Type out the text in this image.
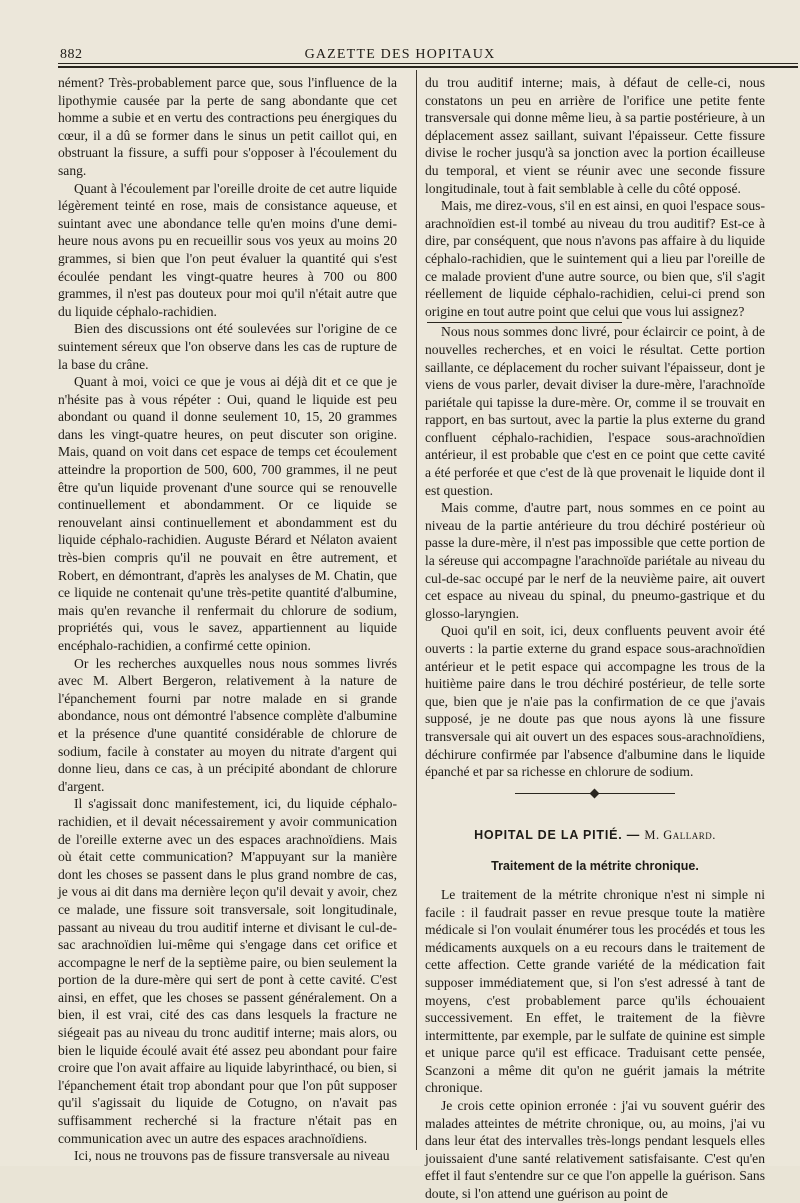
882	GAZETTE DES HOPITAUX

nément? Très-probablement parce que, sous l'influence de la lipothymie causée par la perte de sang abondante que cet homme a subie et en vertu des contractions peu énergiques du cœur, il a dû se former dans le sinus un petit caillot qui, en obstruant la fissure, a suffi pour s'opposer à l'écoulement du sang.

Quant à l'écoulement par l'oreille droite de cet autre liquide légèrement teinté en rose, mais de consistance aqueuse, et suintant avec une abondance telle qu'en moins d'une demi-heure nous avons pu en recueillir sous vos yeux au moins 20 grammes, si bien que l'on peut évaluer la quantité qui s'est écoulée pendant les vingt-quatre heures à 700 ou 800 grammes, il n'est pas douteux pour moi qu'il n'était autre que du liquide céphalo-rachidien.

Bien des discussions ont été soulevées sur l'origine de ce suintement séreux que l'on observe dans les cas de rupture de la base du crâne.

Quant à moi, voici ce que je vous ai déjà dit et ce que je n'hésite pas à vous répéter : Oui, quand le liquide est peu abondant ou quand il donne seulement 10, 15, 20 grammes dans les vingt-quatre heures, on peut discuter son origine. Mais, quand on voit dans cet espace de temps cet écoulement atteindre la proportion de 500, 600, 700 grammes, il ne peut être qu'un liquide provenant d'une source qui se renouvelle continuellement et abondamment. Or ce liquide se renouvelant ainsi continuellement et abondamment est du liquide céphalo-rachidien. Auguste Bérard et Nélaton avaient très-bien compris qu'il ne pouvait en être autrement, et Robert, en démontrant, d'après les analyses de M. Chatin, que ce liquide ne contenait qu'une très-petite quantité d'albumine, mais qu'en revanche il renfermait du chlorure de sodium, propriétés qui, vous le savez, appartiennent au liquide encéphalo-rachidien, a confirmé cette opinion.

Or les recherches auxquelles nous nous sommes livrés avec M. Albert Bergeron, relativement à la nature de l'épanchement fourni par notre malade en si grande abondance, nous ont démontré l'absence complète d'albumine et la présence d'une quantité considérable de chlorure de sodium, facile à constater au moyen du nitrate d'argent qui donne lieu, dans ce cas, à un précipité abondant de chlorure d'argent.

Il s'agissait donc manifestement, ici, du liquide céphalo-rachidien, et il devait nécessairement y avoir communication de l'oreille externe avec un des espaces arachnoïdiens. Mais où était cette communication? M'appuyant sur la manière dont les choses se passent dans le plus grand nombre de cas, je vous ai dit dans ma dernière leçon qu'il devait y avoir, chez ce malade, une fissure soit transversale, soit longitudinale, passant au niveau du trou auditif interne et divisant le cul-de-sac arachnoïdien lui-même qui s'engage dans cet orifice et accompagne le nerf de la septième paire, ou bien seulement la portion de la dure-mère qui sert de pont à cette cavité. C'est ainsi, en effet, que les choses se passent généralement. On a bien, il est vrai, cité des cas dans lesquels la fracture ne siégeait pas au niveau du tronc auditif interne; mais alors, ou bien le liquide écoulé avait été assez peu abondant pour faire croire que l'on avait affaire au liquide labyrinthacé, ou bien, si l'épanchement était trop abondant pour que l'on pût supposer qu'il s'agissait du liquide de Cotugno, on n'avait pas suffisamment recherché si la fracture n'était pas en communication avec un autre des espaces arachnoïdiens.

Ici, nous ne trouvons pas de fissure transversale au niveau

du trou auditif interne; mais, à défaut de celle-ci, nous constatons un peu en arrière de l'orifice une petite fente transversale qui donne même lieu, à sa partie postérieure, à un déplacement assez saillant, suivant l'épaisseur. Cette fissure divise le rocher jusqu'à sa jonction avec la portion écailleuse du temporal, et vient se réunir avec une seconde fissure longitudinale, tout à fait semblable à celle du côté opposé.

Mais, me direz-vous, s'il en est ainsi, en quoi l'espace sous-arachnoïdien est-il tombé au niveau du trou auditif? Est-ce à dire, par conséquent, que nous n'avons pas affaire à du liquide céphalo-rachidien, que le suintement qui a lieu par l'oreille de ce malade provient d'une autre source, ou bien que, s'il s'agit réellement de liquide céphalo-rachidien, celui-ci prend son origine en tout autre point que celui que vous lui assignez?

Nous nous sommes donc livré, pour éclaircir ce point, à de nouvelles recherches, et en voici le résultat. Cette portion saillante, ce déplacement du rocher suivant l'épaisseur, dont je viens de vous parler, devait diviser la dure-mère, l'arachnoïde pariétale qui tapisse la dure-mère. Or, comme il se trouvait en rapport, en bas surtout, avec la partie la plus externe du grand confluent céphalo-rachidien, l'espace sous-arachnoïdien antérieur, il est probable que c'est en ce point que cette cavité a été perforée et que c'est de là que provenait le liquide dont il est question.

Mais comme, d'autre part, nous sommes en ce point au niveau de la partie antérieure du trou déchiré postérieur où passe la dure-mère, il n'est pas impossible que cette portion de la séreuse qui accompagne l'arachnoïde pariétale au niveau du cul-de-sac occupé par le nerf de la neuvième paire, ait ouvert cet espace au niveau du spinal, du pneumo-gastrique et du glosso-laryngien.

Quoi qu'il en soit, ici, deux confluents peuvent avoir été ouverts : la partie externe du grand espace sous-arachnoïdien antérieur et le petit espace qui accompagne les trous de la huitième paire dans le trou déchiré postérieur, de telle sorte que, bien que je n'aie pas la confirmation de ce que j'avais supposé, je ne doute pas que nous ayons là une fissure transversale qui ait ouvert un des espaces sous-arachnoïdiens, déchirure confirmée par l'absence d'albumine dans le liquide épanché et par sa richesse en chlorure de sodium.

HOPITAL DE LA PITIÉ. — M. Gallard.
Traitement de la métrite chronique.

Le traitement de la métrite chronique n'est ni simple ni facile : il faudrait passer en revue presque toute la matière médicale si l'on voulait énumérer tous les procédés et tous les médicaments auxquels on a eu recours dans le traitement de cette affection. Cette grande variété de la médication fait supposer immédiatement que, si l'on s'est adressé à tant de moyens, c'est probablement parce qu'ils échouaient successivement. En effet, le traitement de la fièvre intermittente, par exemple, par le sulfate de quinine est simple et unique parce qu'il est efficace. Traduisant cette pensée, Scanzoni a même dit qu'on ne guérit jamais la métrite chronique.

Je crois cette opinion erronée : j'ai vu souvent guérir des malades atteintes de métrite chronique, ou, au moins, j'ai vu dans leur état des intervalles très-longs pendant lesquels elles jouissaient d'une santé relativement satisfaisante. C'est qu'en effet il faut s'entendre sur ce que l'on appelle la guérison. Sans doute, si l'on attend une guérison au point de
